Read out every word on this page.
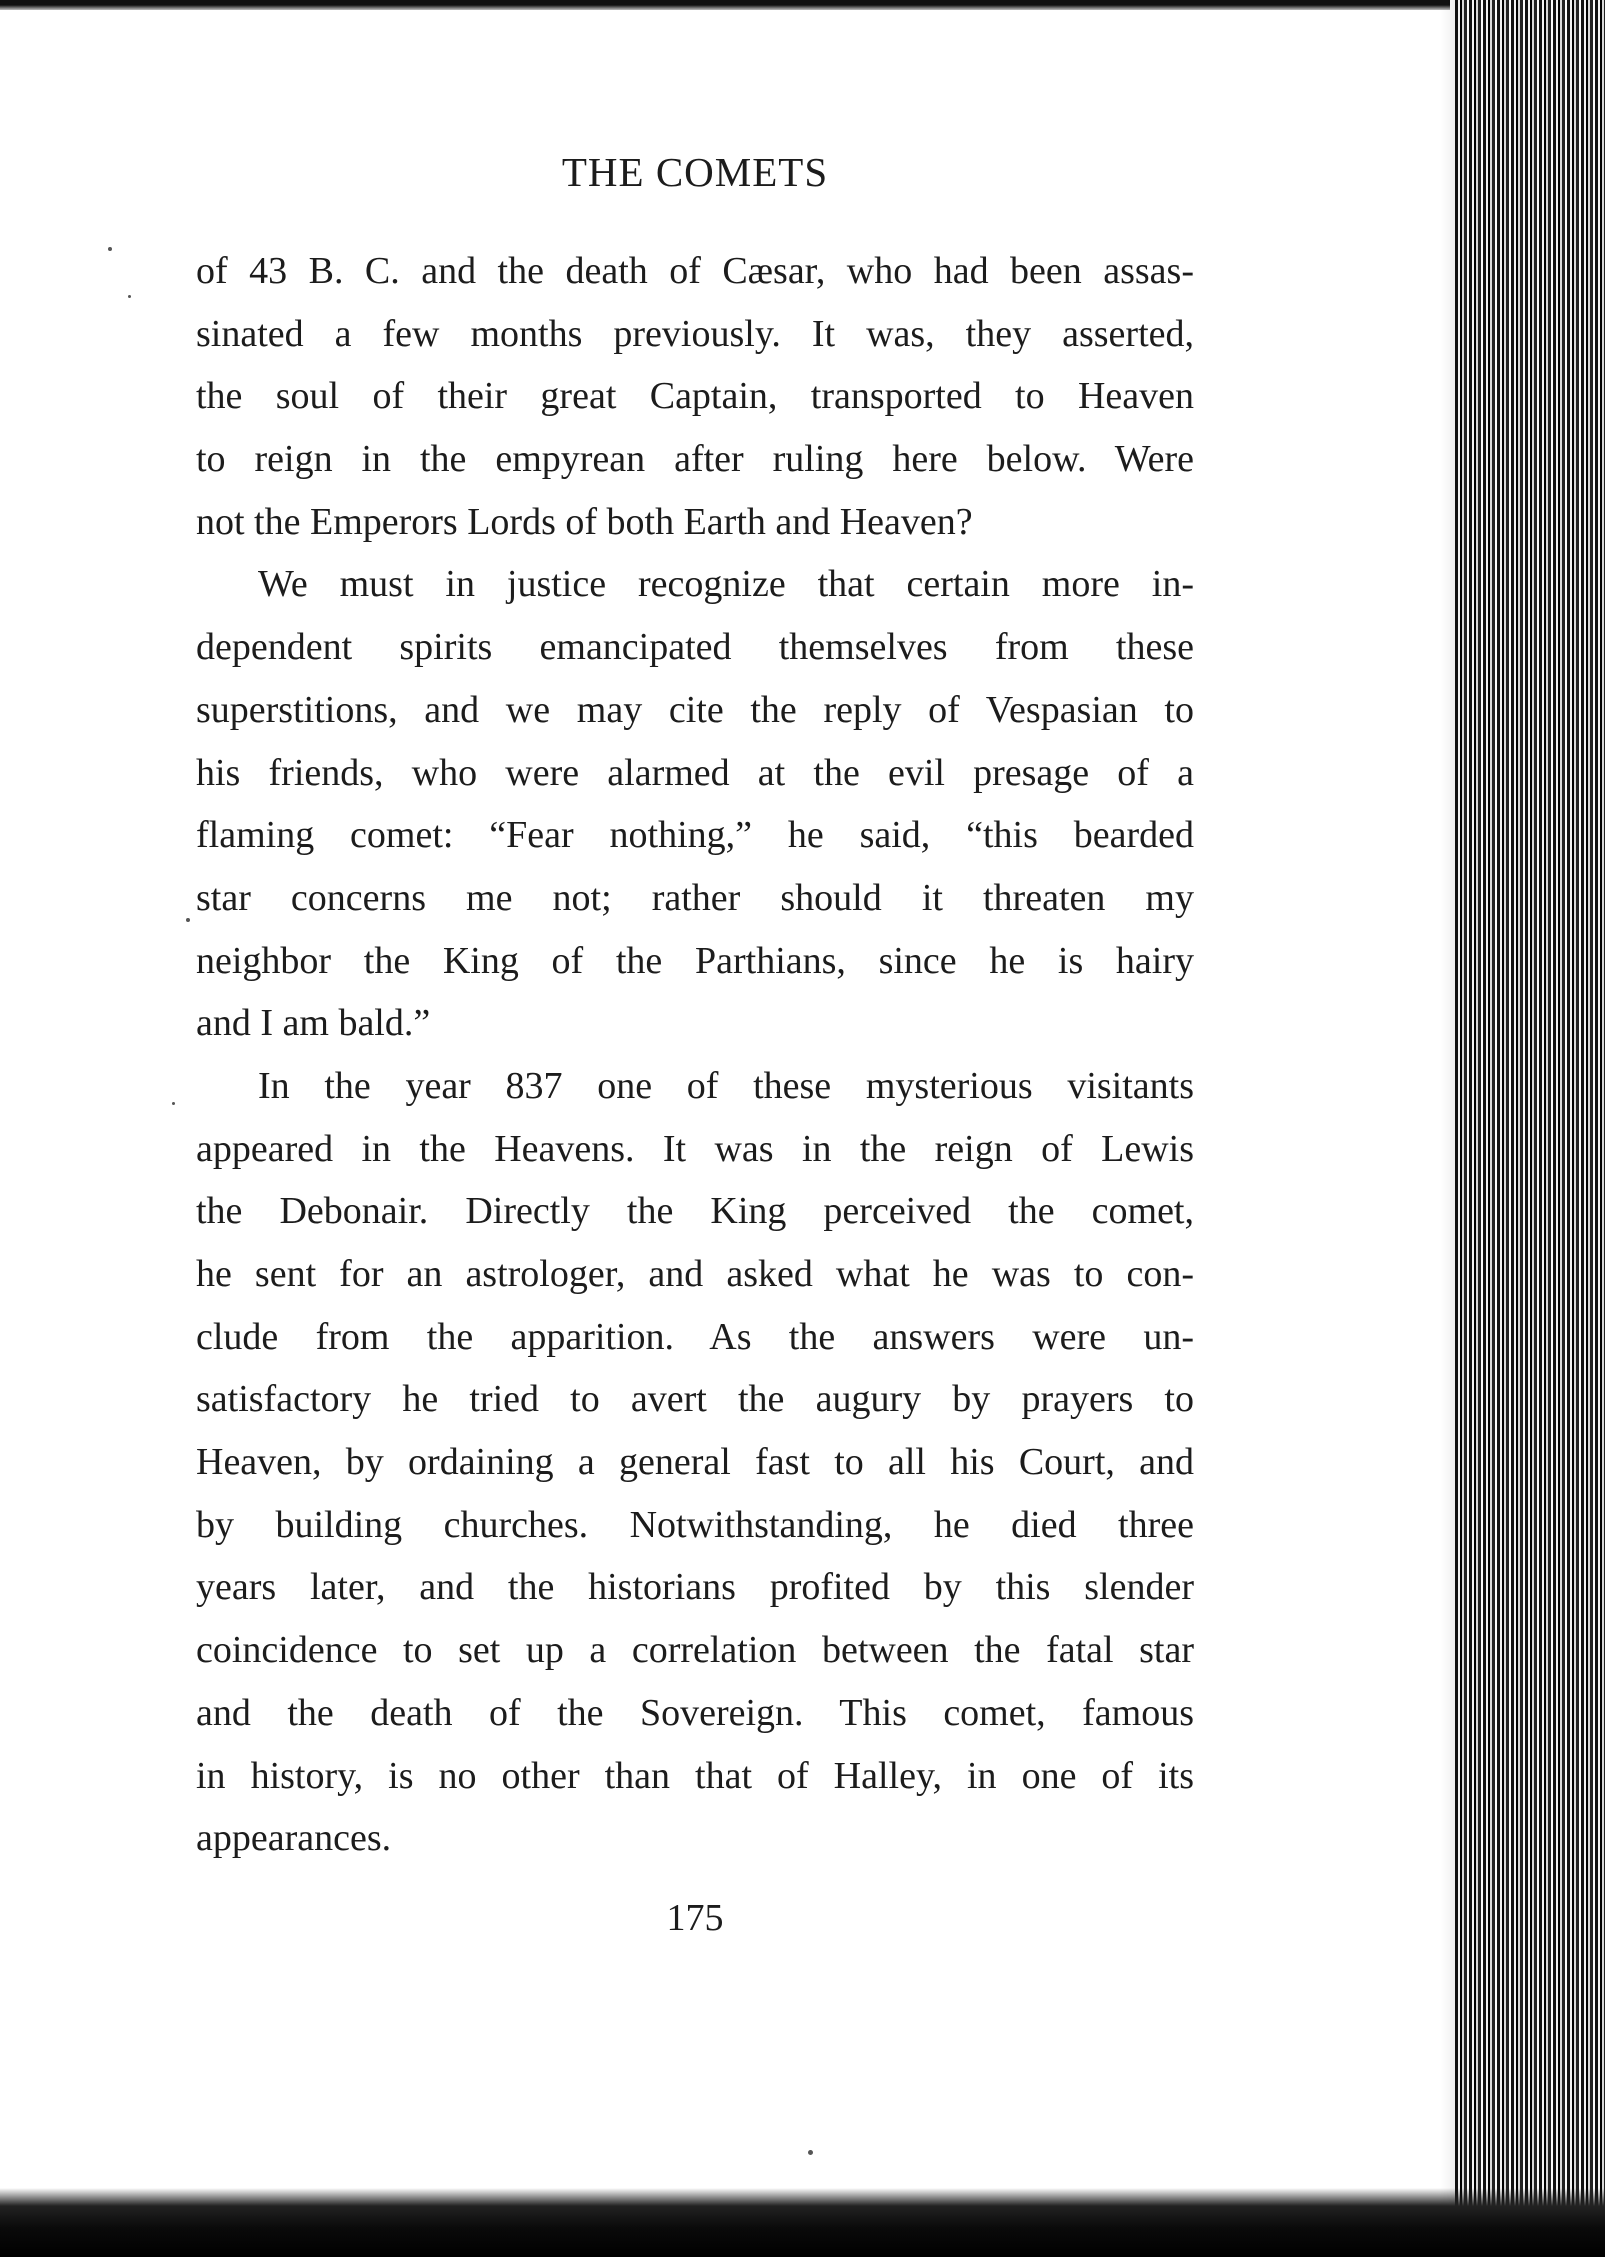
THE COMETS
of 43 B. C. and the death of Cæsar, who had been assas-
sinated a few months previously. It was, they asserted,
the soul of their great Captain, transported to Heaven
to reign in the empyrean after ruling here below. Were
not the Emperors Lords of both Earth and Heaven?
We must in justice recognize that certain more in-
dependent spirits emancipated themselves from these
superstitions, and we may cite the reply of Vespasian to
his friends, who were alarmed at the evil presage of a
flaming comet: “Fear nothing,” he said, “this bearded
star concerns me not; rather should it threaten my
neighbor the King of the Parthians, since he is hairy
and I am bald.”
In the year 837 one of these mysterious visitants
appeared in the Heavens. It was in the reign of Lewis
the Debonair. Directly the King perceived the comet,
he sent for an astrologer, and asked what he was to con-
clude from the apparition. As the answers were un-
satisfactory he tried to avert the augury by prayers to
Heaven, by ordaining a general fast to all his Court, and
by building churches. Notwithstanding, he died three
years later, and the historians profited by this slender
coincidence to set up a correlation between the fatal star
and the death of the Sovereign. This comet, famous
in history, is no other than that of Halley, in one of its
appearances.
175
